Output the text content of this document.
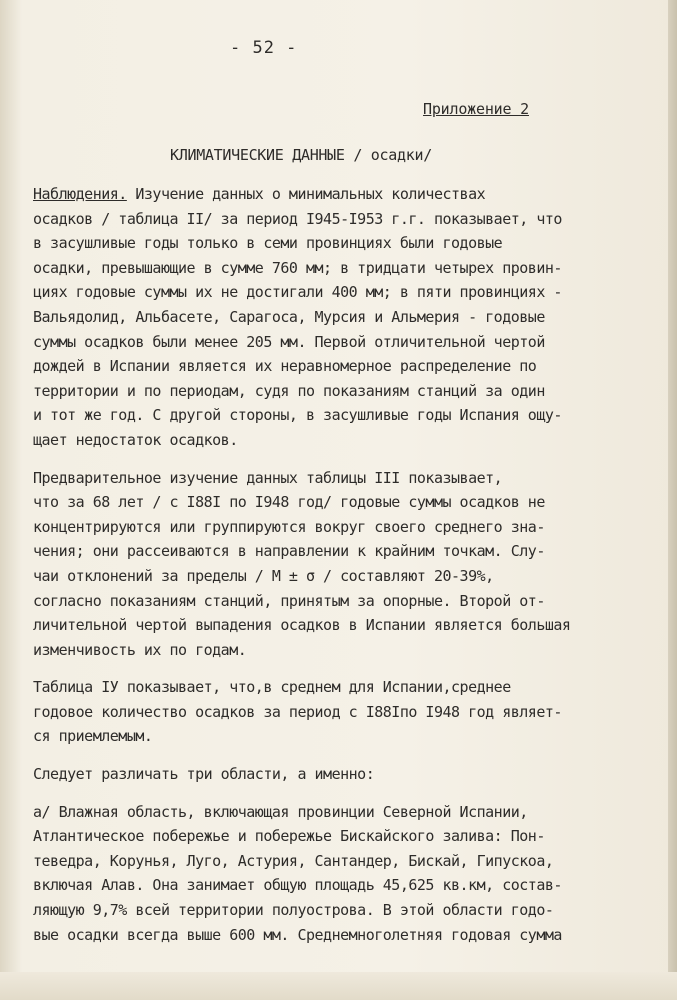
- 52 -
Приложение 2
КЛИМАТИЧЕСКИЕ ДАННЫЕ / осадки/
Наблюдения. Изучение данных о минимальных количествах
осадков / таблица II/ за период I945-I953 г.г. показывает, что
в засушливые годы только в семи провинциях были годовые
осадки, превышающие в сумме 760 мм; в тридцати четырех провин-
циях годовые суммы их не достигали 400 мм; в пяти провинциях -
Вальядолид, Альбасете, Сарагоса, Мурсия и Альмерия - годовые
суммы осадков были менее 205 мм. Первой отличительной чертой
дождей в Испании является их неравномерное распределение по
территории и по периодам, судя по показаниям станций за один
и тот же год. С другой стороны, в засушливые годы Испания ощу-
щает недостаток осадков.
Предварительное изучение данных таблицы III показывает,
что за 68 лет / с I88I по I948 год/ годовые суммы осадков не
концентрируются или группируются вокруг своего среднего зна-
чения; они рассеиваются в направлении к крайним точкам. Слу-
чаи отклонений за пределы / M ± σ / составляют 20-39%,
согласно показаниям станций, принятым за опорные. Второй от-
личительной чертой выпадения осадков в Испании является большая
изменчивость их по годам.
Таблица IУ показывает, что,в среднем для Испании,среднее
годовое количество осадков за период с I88Iпо I948 год являет-
ся приемлемым.
Следует различать три области, а именно:
а/ Влажная область, включающая провинции Северной Испании,
Атлантическое побережье и побережье Бискайского залива: Пон-
теведра, Корунья, Луго, Астурия, Сантандер, Бискай, Гипускоа,
включая Алав. Она занимает общую площадь 45,625 кв.км, состав-
ляющую 9,7% всей территории полуострова. В этой области годо-
вые осадки всегда выше 600 мм. Среднемноголетняя годовая сумма
